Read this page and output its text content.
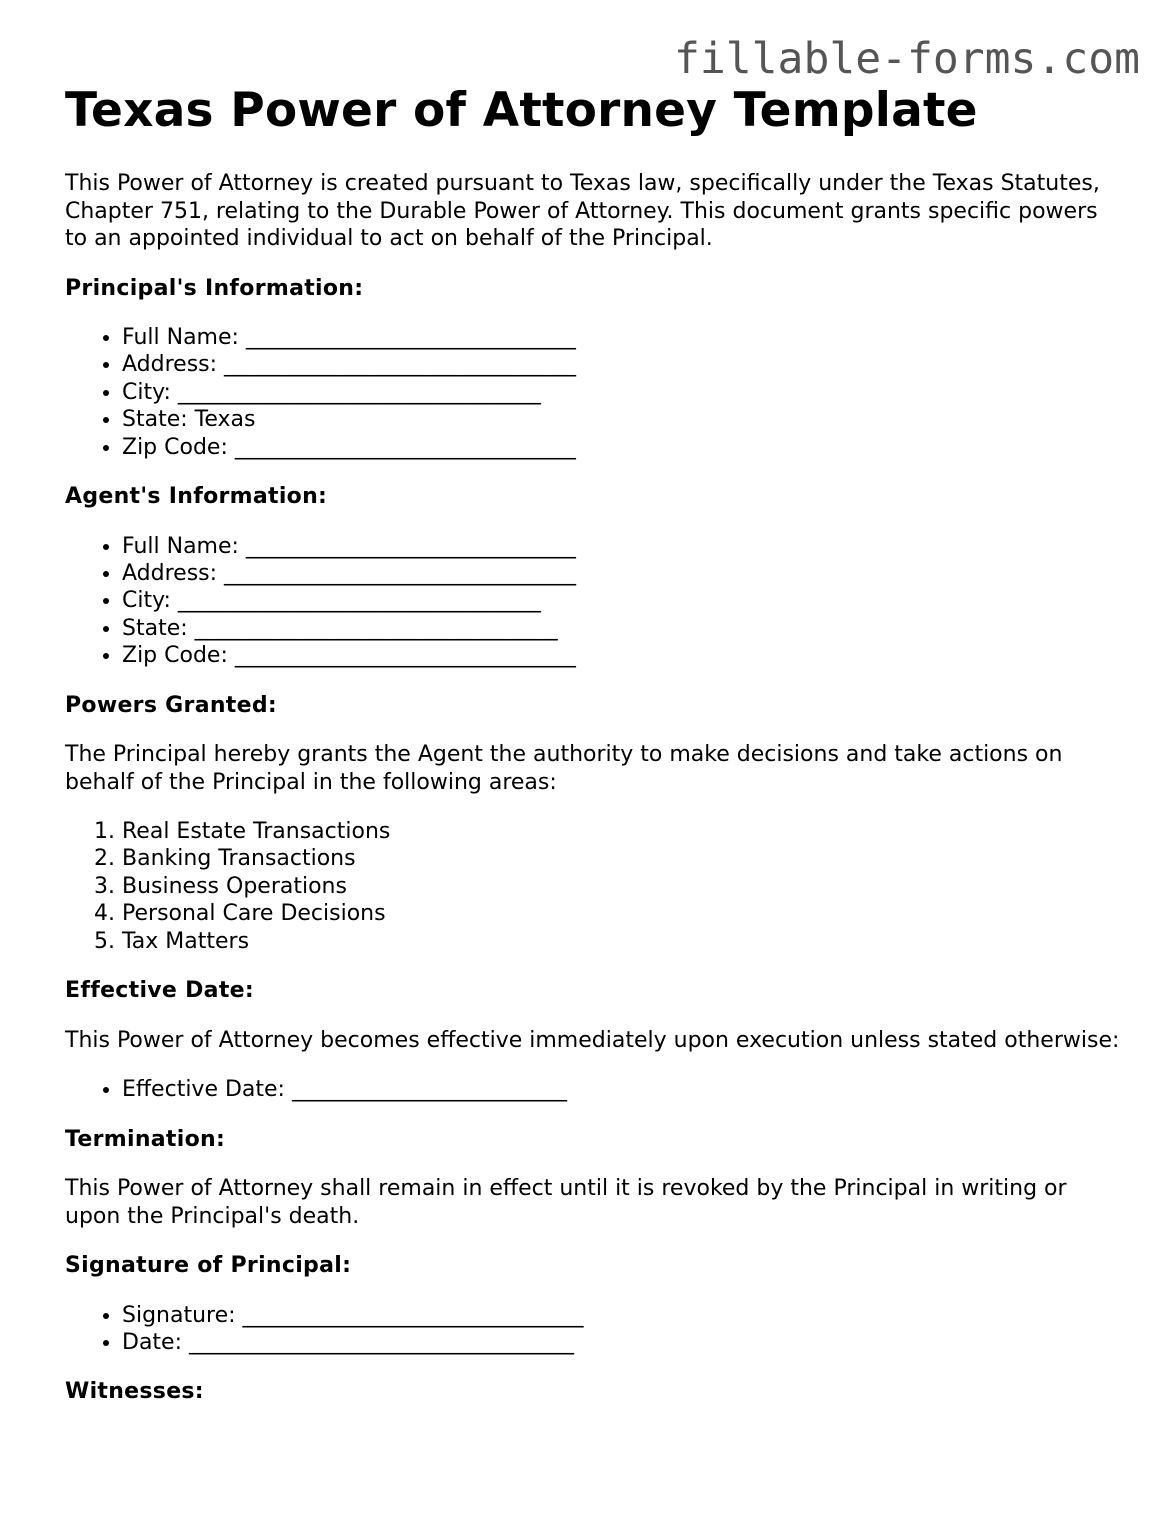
fillable-forms.com
Texas Power of Attorney Template

This Power of Attorney is created pursuant to Texas law, specifically under the Texas Statutes, Chapter 751, relating to the Durable Power of Attorney. This document grants specific powers to an appointed individual to act on behalf of the Principal.

Principal's Information:
• Full Name: ______________________________
• Address: ________________________________
• City: _________________________________
• State: Texas
• Zip Code: _______________________________
Agent's Information:
• Full Name: ______________________________
• Address: ________________________________
• City: _________________________________
• State: _________________________________
• Zip Code: _______________________________
Powers Granted:

The Principal hereby grants the Agent the authority to make decisions and take actions on behalf of the Principal in the following areas:

1. Real Estate Transactions
2. Banking Transactions
3. Business Operations
4. Personal Care Decisions
5. Tax Matters
Effective Date:

This Power of Attorney becomes effective immediately upon execution unless stated otherwise:

• Effective Date: _________________________
Termination:

This Power of Attorney shall remain in effect until it is revoked by the Principal in writing or upon the Principal's death.

Signature of Principal:
• Signature: _______________________________
• Date: ___________________________________
Witnesses:
